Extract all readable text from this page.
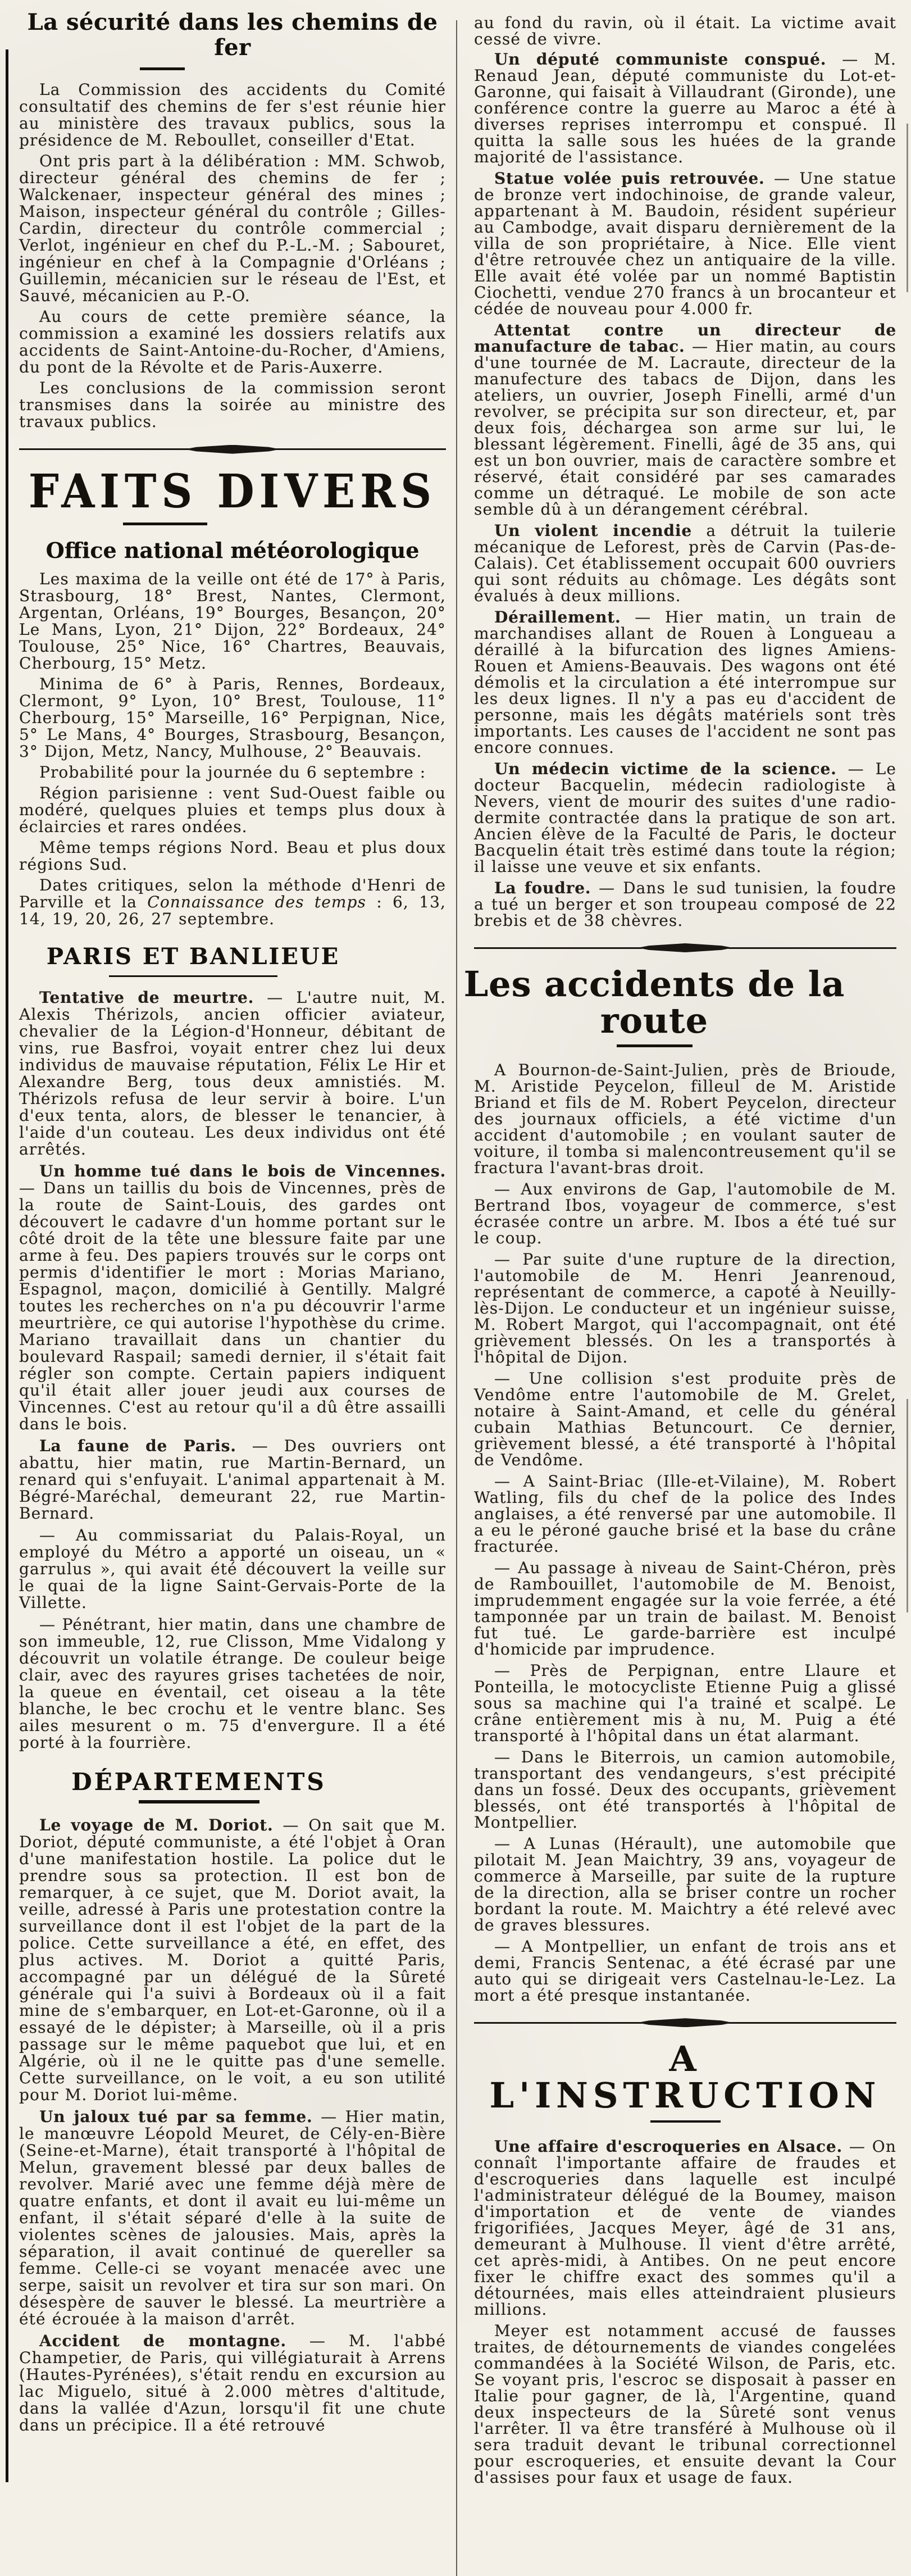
La sécurité dans les chemins de fer

La Commission des accidents du Comité consultatif des chemins de fer s'est réunie hier au ministère des travaux publics, sous la présidence de M. Reboullet, conseiller d'Etat.

Ont pris part à la délibération : MM. Schwob, directeur général des chemins de fer ; Walckenaer, inspecteur général des mines ; Maison, inspecteur général du contrôle ; Gilles-Cardin, directeur du contrôle commercial ; Verlot, ingénieur en chef du P.-L.-M. ; Sabouret, ingénieur en chef à la Compagnie d'Orléans ; Guillemin, mécanicien sur le réseau de l'Est, et Sauvé, mécanicien au P.-O.

Au cours de cette première séance, la commission a examiné les dossiers relatifs aux accidents de Saint-Antoine-du-Rocher, d'Amiens, du pont de la Révolte et de Paris-Auxerre.

Les conclusions de la commission seront transmises dans la soirée au ministre des travaux publics.

FAITS DIVERS
Office national météorologique

Les maxima de la veille ont été de 17° à Paris, Strasbourg, 18° Brest, Nantes, Clermont, Argentan, Orléans, 19° Bourges, Besançon, 20° Le Mans, Lyon, 21° Dijon, 22° Bordeaux, 24° Toulouse, 25° Nice, 16° Chartres, Beauvais, Cherbourg, 15° Metz.

Minima de 6° à Paris, Rennes, Bordeaux, Clermont, 9° Lyon, 10° Brest, Toulouse, 11° Cherbourg, 15° Marseille, 16° Perpignan, Nice, 5° Le Mans, 4° Bourges, Strasbourg, Besançon, 3° Dijon, Metz, Nancy, Mulhouse, 2° Beauvais.

Probabilité pour la journée du 6 septembre :

Région parisienne : vent Sud-Ouest faible ou modéré, quelques pluies et temps plus doux à éclaircies et rares ondées.

Même temps régions Nord. Beau et plus doux régions Sud.

Dates critiques, selon la méthode d'Henri de Parville et la Connaissance des temps : 6, 13, 14, 19, 20, 26, 27 septembre.

PARIS ET BANLIEUE

Tentative de meurtre. — L'autre nuit, M. Alexis Thérizols, ancien officier aviateur, chevalier de la Légion-d'Honneur, débitant de vins, rue Basfroi, voyait entrer chez lui deux individus de mauvaise réputation, Félix Le Hir et Alexandre Berg, tous deux amnistiés. M. Thérizols refusa de leur servir à boire. L'un d'eux tenta, alors, de blesser le tenancier, à l'aide d'un couteau. Les deux individus ont été arrêtés.

Un homme tué dans le bois de Vincennes. — Dans un taillis du bois de Vincennes, près de la route de Saint-Louis, des gardes ont découvert le cadavre d'un homme portant sur le côté droit de la tête une blessure faite par une arme à feu. Des papiers trouvés sur le corps ont permis d'identifier le mort : Morias Mariano, Espagnol, maçon, domicilié à Gentilly. Malgré toutes les recherches on n'a pu découvrir l'arme meurtrière, ce qui autorise l'hypothèse du crime. Mariano travaillait dans un chantier du boulevard Raspail; samedi dernier, il s'était fait régler son compte. Certain papiers indiquent qu'il était aller jouer jeudi aux courses de Vincennes. C'est au retour qu'il a dû être assailli dans le bois.

La faune de Paris. — Des ouvriers ont abattu, hier matin, rue Martin-Bernard, un renard qui s'enfuyait. L'animal appartenait à M. Bégré-Maréchal, demeurant 22, rue Martin-Bernard.

— Au commissariat du Palais-Royal, un employé du Métro a apporté un oiseau, un « garrulus », qui avait été découvert la veille sur le quai de la ligne Saint-Gervais-Porte de la Villette.

— Pénétrant, hier matin, dans une chambre de son immeuble, 12, rue Clisson, Mme Vidalong y découvrit un volatile étrange. De couleur beige clair, avec des rayures grises tachetées de noir, la queue en éventail, cet oiseau a la tête blanche, le bec crochu et le ventre blanc. Ses ailes mesurent o m. 75 d'envergure. Il a été porté à la fourrière.

DÉPARTEMENTS

Le voyage de M. Doriot. — On sait que M. Doriot, député communiste, a été l'objet à Oran d'une manifestation hostile. La police dut le prendre sous sa protection. Il est bon de remarquer, à ce sujet, que M. Doriot avait, la veille, adressé à Paris une protestation contre la surveillance dont il est l'objet de la part de la police. Cette surveillance a été, en effet, des plus actives. M. Doriot a quitté Paris, accompagné par un délégué de la Sûreté générale qui l'a suivi à Bordeaux où il a fait mine de s'embarquer, en Lot-et-Garonne, où il a essayé de le dépister; à Marseille, où il a pris passage sur le même paquebot que lui, et en Algérie, où il ne le quitte pas d'une semelle. Cette surveillance, on le voit, a eu son utilité pour M. Doriot lui-même.

Un jaloux tué par sa femme. — Hier matin, le manœuvre Léopold Meuret, de Cély-en-Bière (Seine-et-Marne), était transporté à l'hôpital de Melun, gravement blessé par deux balles de revolver. Marié avec une femme déjà mère de quatre enfants, et dont il avait eu lui-même un enfant, il s'était séparé d'elle à la suite de violentes scènes de jalousies. Mais, après la séparation, il avait continué de quereller sa femme. Celle-ci se voyant menacée avec une serpe, saisit un revolver et tira sur son mari. On désespère de sauver le blessé. La meurtrière a été écrouée à la maison d'arrêt.

Accident de montagne. — M. l'abbé Champetier, de Paris, qui villégiaturait à Arrens (Hautes-Pyrénées), s'était rendu en excursion au lac Miguelo, situé à 2.000 mètres d'altitude, dans la vallée d'Azun, lorsqu'il fit une chute dans un précipice. Il a été retrouvé

au fond du ravin, où il était. La victime avait cessé de vivre.

Un député communiste conspué. — M. Renaud Jean, député communiste du Lot-et-Garonne, qui faisait à Villaudrant (Gironde), une conférence contre la guerre au Maroc a été à diverses reprises interrompu et conspué. Il quitta la salle sous les huées de la grande majorité de l'assistance.

Statue volée puis retrouvée. — Une statue de bronze vert indochinoise, de grande valeur, appartenant à M. Baudoin, résident supérieur au Cambodge, avait disparu dernièrement de la villa de son propriétaire, à Nice. Elle vient d'être retrouvée chez un antiquaire de la ville. Elle avait été volée par un nommé Baptistin Ciochetti, vendue 270 francs à un brocanteur et cédée de nouveau pour 4.000 fr.

Attentat contre un directeur de manufacture de tabac. — Hier matin, au cours d'une tournée de M. Lacraute, directeur de la manufecture des tabacs de Dijon, dans les ateliers, un ouvrier, Joseph Finelli, armé d'un revolver, se précipita sur son directeur, et, par deux fois, déchargea son arme sur lui, le blessant légèrement. Finelli, âgé de 35 ans, qui est un bon ouvrier, mais de caractère sombre et réservé, était considéré par ses camarades comme un détraqué. Le mobile de son acte semble dû à un dérangement cérébral.

Un violent incendie a détruit la tuilerie mécanique de Leforest, près de Carvin (Pas-de-Calais). Cet établissement occupait 600 ouvriers qui sont réduits au chômage. Les dégâts sont évalués à deux millions.

Déraillement. — Hier matin, un train de marchandises allant de Rouen à Longueau a déraillé à la bifurcation des lignes Amiens-Rouen et Amiens-Beauvais. Des wagons ont été démolis et la circulation a été interrompue sur les deux lignes. Il n'y a pas eu d'accident de personne, mais les dégâts matériels sont très importants. Les causes de l'accident ne sont pas encore connues.

Un médecin victime de la science. — Le docteur Bacquelin, médecin radiologiste à Nevers, vient de mourir des suites d'une radio-dermite contractée dans la pratique de son art. Ancien élève de la Faculté de Paris, le docteur Bacquelin était très estimé dans toute la région; il laisse une veuve et six enfants.

La foudre. — Dans le sud tunisien, la foudre a tué un berger et son troupeau composé de 22 brebis et de 38 chèvres.

Les accidents de la route

A Bournon-de-Saint-Julien, près de Brioude, M. Aristide Peycelon, filleul de M. Aristide Briand et fils de M. Robert Peycelon, directeur des journaux officiels, a été victime d'un accident d'automobile ; en voulant sauter de voiture, il tomba si malencontreusement qu'il se fractura l'avant-bras droit.

— Aux environs de Gap, l'automobile de M. Bertrand Ibos, voyageur de commerce, s'est écrasée contre un arbre. M. Ibos a été tué sur le coup.

— Par suite d'une rupture de la direction, l'automobile de M. Henri Jeanrenoud, représentant de commerce, a capoté à Neuilly-lès-Dijon. Le conducteur et un ingénieur suisse, M. Robert Margot, qui l'accompagnait, ont été grièvement blessés. On les a transportés à l'hôpital de Dijon.

— Une collision s'est produite près de Vendôme entre l'automobile de M. Grelet, notaire à Saint-Amand, et celle du général cubain Mathias Betuncourt. Ce dernier, grièvement blessé, a été transporté à l'hôpital de Vendôme.

— A Saint-Briac (Ille-et-Vilaine), M. Robert Watling, fils du chef de la police des Indes anglaises, a été renversé par une automobile. Il a eu le péroné gauche brisé et la base du crâne fracturée.

— Au passage à niveau de Saint-Chéron, près de Rambouillet, l'automobile de M. Benoist, imprudemment engagée sur la voie ferrée, a été tamponnée par un train de bailast. M. Benoist fut tué. Le garde-barrière est inculpé d'homicide par imprudence.

— Près de Perpignan, entre Llaure et Ponteilla, le motocycliste Etienne Puig a glissé sous sa machine qui l'a trainé et scalpé. Le crâne entièrement mis à nu, M. Puig a été transporté à l'hôpital dans un état alarmant.

— Dans le Biterrois, un camion automobile, transportant des vendangeurs, s'est précipité dans un fossé. Deux des occupants, grièvement blessés, ont été transportés à l'hôpital de Montpellier.

— A Lunas (Hérault), une automobile que pilotait M. Jean Maichtry, 39 ans, voyageur de commerce à Marseille, par suite de la rupture de la direction, alla se briser contre un rocher bordant la route. M. Maichtry a été relevé avec de graves blessures.

— A Montpellier, un enfant de trois ans et demi, Francis Sentenac, a été écrasé par une auto qui se dirigeait vers Castelnau-le-Lez. La mort a été presque instantanée.

A L'INSTRUCTION

Une affaire d'escroqueries en Alsace. — On connaît l'importante affaire de fraudes et d'escroqueries dans laquelle est inculpé l'administrateur délégué de la Boumey, maison d'importation et de vente de viandes frigorifiées, Jacques Meyer, âgé de 31 ans, demeurant à Mulhouse. Il vient d'être arrêté, cet après-midi, à Antibes. On ne peut encore fixer le chiffre exact des sommes qu'il a détournées, mais elles atteindraient plusieurs millions.

Meyer est notamment accusé de fausses traites, de détournements de viandes congelées commandées à la Société Wilson, de Paris, etc. Se voyant pris, l'escroc se disposait à passer en Italie pour gagner, de là, l'Argentine, quand deux inspecteurs de la Sûreté sont venus l'arrêter. Il va être transféré à Mulhouse où il sera traduit devant le tribunal correctionnel pour escroqueries, et ensuite devant la Cour d'assises pour faux et usage de faux.
